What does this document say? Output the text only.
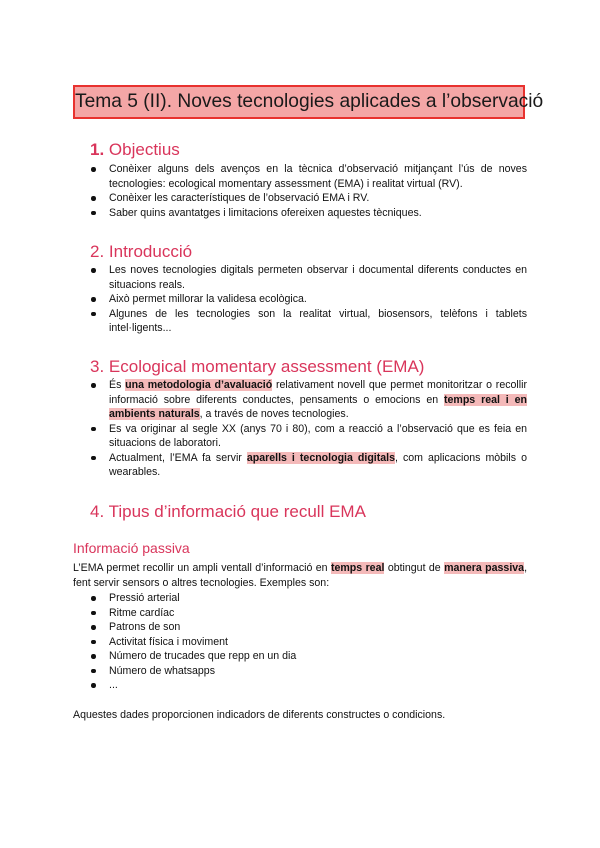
Tema 5 (II). Noves tecnologies aplicades a l’observació
1. Objectius
Conèixer alguns dels avenços en la tècnica d’observació mitjançant l’ús de noves tecnologies: ecological momentary assessment (EMA) i realitat virtual (RV).
Conèixer les característiques de l’observació EMA i RV.
Saber quins avantatges i limitacions ofereixen aquestes tècniques.
2. Introducció
Les noves tecnologies digitals permeten observar i documental diferents conductes en situacions reals.
Això permet millorar la validesa ecològica.
Algunes de les tecnologies son la realitat virtual, biosensors, telèfons i tablets intel·ligents...
3. Ecological momentary assessment (EMA)
És una metodologia d’avaluació relativament novell que permet monitoritzar o recollir informació sobre diferents conductes, pensaments o emocions en temps real i en ambients naturals, a través de noves tecnologies.
Es va originar al segle XX (anys 70 i 80), com a reacció a l’observació que es feia en situacions de laboratori.
Actualment, l’EMA fa servir aparells i tecnologia digitals, com aplicacions mòbils o wearables.
4. Tipus d’informació que recull EMA
Informació passiva

L’EMA permet recollir un ampli ventall d’informació en temps real obtingut de manera passiva, fent servir sensors o altres tecnologies. Exemples son:

Pressió arterial
Ritme cardíac
Patrons de son
Activitat física i moviment
Número de trucades que repp en un dia
Número de whatsapps
...

Aquestes dades proporcionen indicadors de diferents constructes o condicions.
